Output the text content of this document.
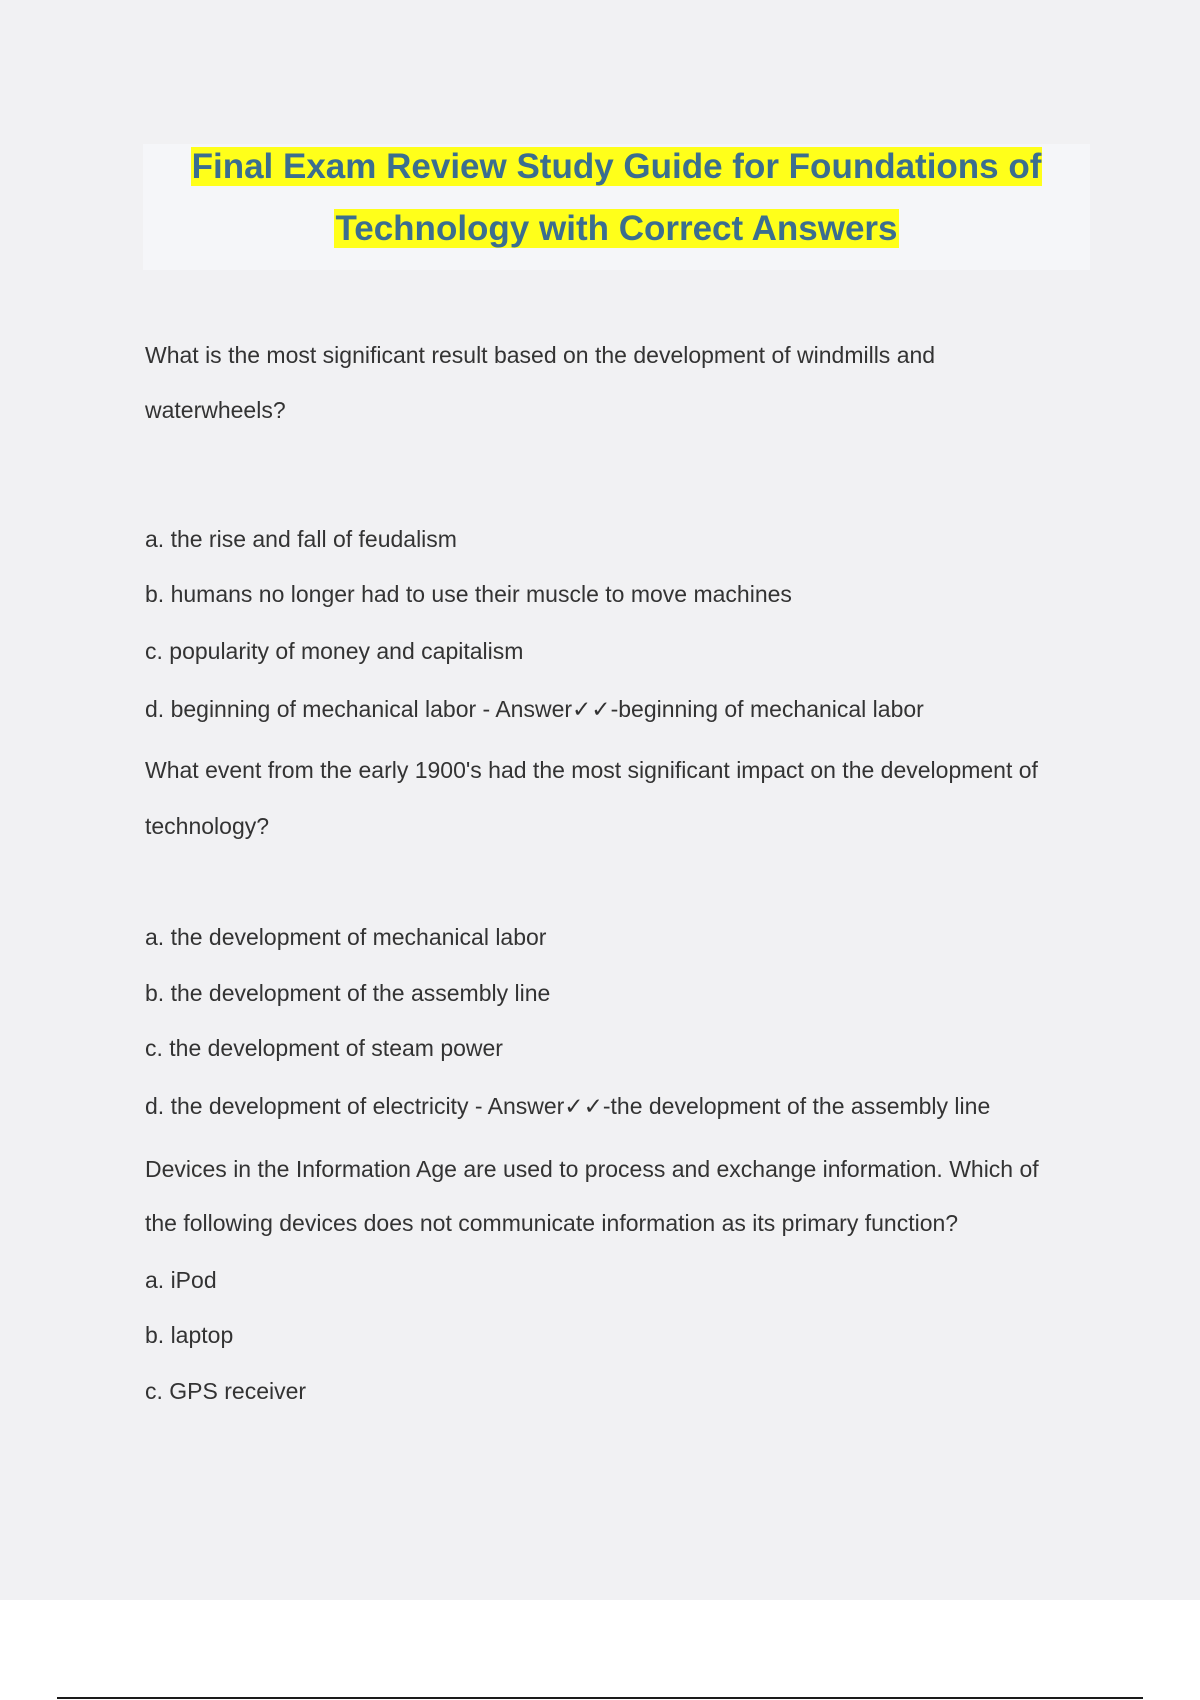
Final Exam Review Study Guide for Foundations of
Technology with Correct Answers
What is the most significant result based on the development of windmills and
waterwheels?
a. the rise and fall of feudalism
b. humans no longer had to use their muscle to move machines
c. popularity of money and capitalism
d. beginning of mechanical labor - Answer✓✓-beginning of mechanical labor
What event from the early 1900's had the most significant impact on the development of
technology?
a. the development of mechanical labor
b. the development of the assembly line
c. the development of steam power
d. the development of electricity - Answer✓✓-the development of the assembly line
Devices in the Information Age are used to process and exchange information. Which of
the following devices does not communicate information as its primary function?
a. iPod
b. laptop
c. GPS receiver
